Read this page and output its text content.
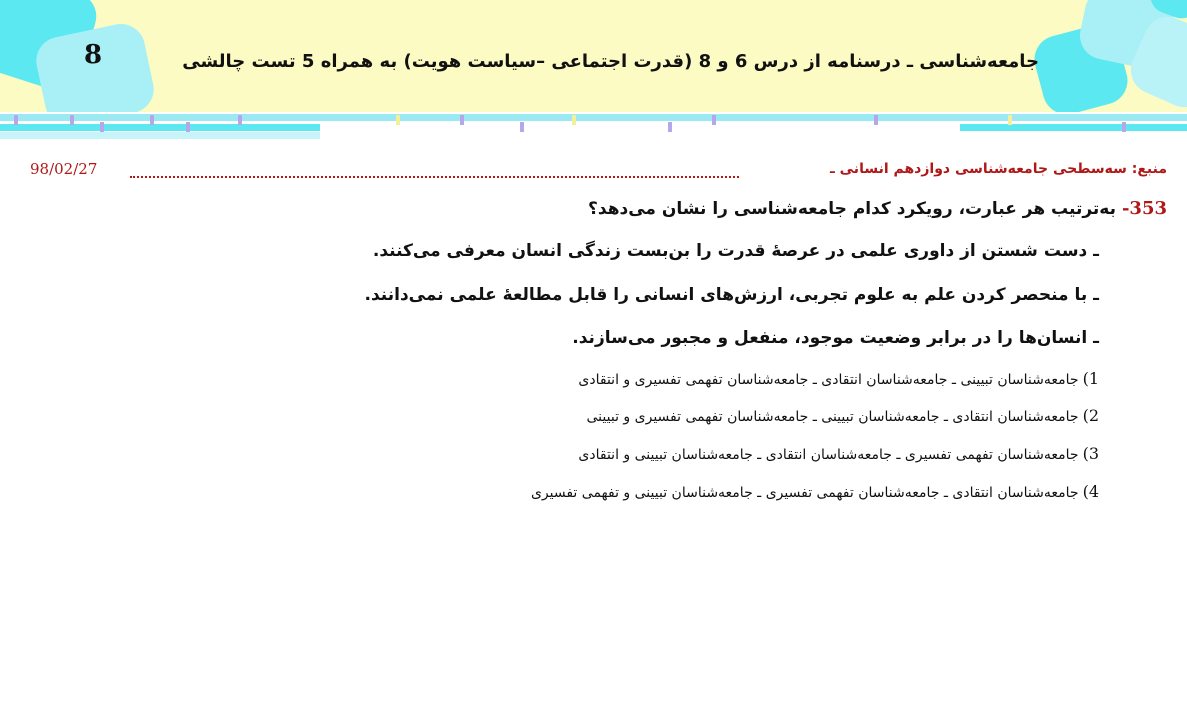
8	جامعه‌شناسی ـ درسنامه از درس 6 و 8 (قدرت اجتماعی –سیاست هویت) به همراه 5 تست چالشی
منبع: سه‌سطحی جامعه‌شناسی دوازدهم انسانی ـ
98/02/27
353- به‌ترتیب هر عبارت، رویکرد کدام جامعه‌شناسی را نشان می‌دهد؟
ـ دست شستن از داوری علمی در عرصۀ قدرت را بن‌بست زندگی انسان معرفی می‌کنند.
ـ با منحصر کردن علم به علوم تجربی، ارزش‌های انسانی را قابل مطالعۀ علمی نمی‌دانند.
ـ انسان‌ها را در برابر وضعیت موجود، منفعل و مجبور می‌سازند.
1)جامعه‌شناسان تبیینی ـ جامعه‌شناسان انتقادی ـ جامعه‌شناسان تفهمی تفسیری و انتقادی
2)جامعه‌شناسان انتقادی ـ جامعه‌شناسان تبیینی ـ جامعه‌شناسان تفهمی تفسیری و تبیینی
3)جامعه‌شناسان تفهمی تفسیری ـ جامعه‌شناسان انتقادی ـ جامعه‌شناسان تبیینی و انتقادی
4)جامعه‌شناسان انتقادی ـ جامعه‌شناسان تفهمی تفسیری ـ جامعه‌شناسان تبیینی و تفهمی تفسیری
